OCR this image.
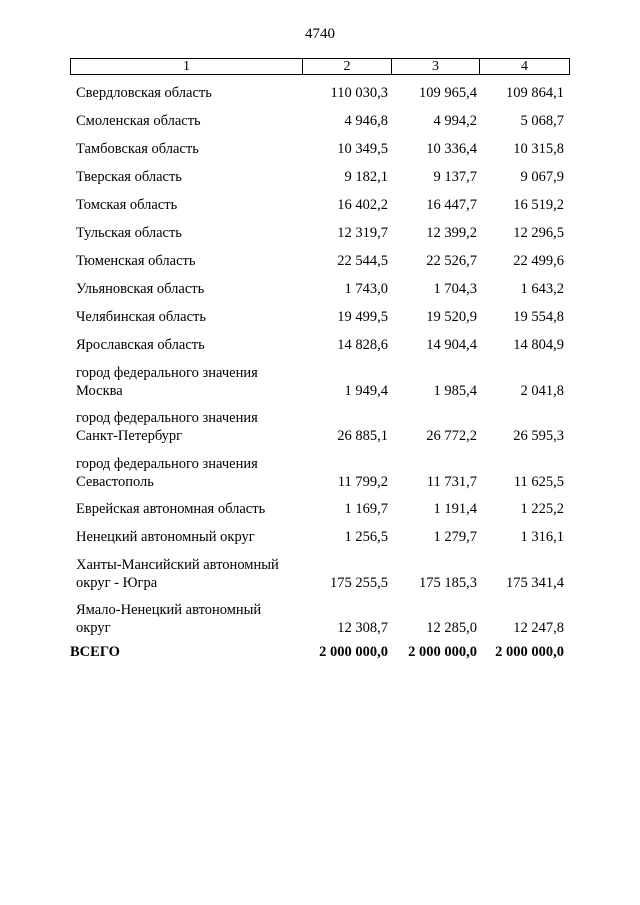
4740
1	2	3	4
Свердловская область	110 030,3	109 965,4	109 864,1
Смоленская область	4 946,8	4 994,2	5 068,7
Тамбовская область	10 349,5	10 336,4	10 315,8
Тверская область	9 182,1	9 137,7	9 067,9
Томская область	16 402,2	16 447,7	16 519,2
Тульская область	12 319,7	12 399,2	12 296,5
Тюменская область	22 544,5	22 526,7	22 499,6
Ульяновская область	1 743,0	1 704,3	1 643,2
Челябинская область	19 499,5	19 520,9	19 554,8
Ярославская область	14 828,6	14 904,4	14 804,9
город федерального значения
Москва	1 949,4	1 985,4	2 041,8
город федерального значения
Санкт-Петербург	26 885,1	26 772,2	26 595,3
город федерального значения
Севастополь	11 799,2	11 731,7	11 625,5
Еврейская автономная область	1 169,7	1 191,4	1 225,2
Ненецкий автономный округ	1 256,5	1 279,7	1 316,1
Ханты-Мансийский автономный
округ - Югра	175 255,5	175 185,3	175 341,4
Ямало-Ненецкий автономный
округ	12 308,7	12 285,0	12 247,8
ВСЕГО	2 000 000,0	2 000 000,0	2 000 000,0
